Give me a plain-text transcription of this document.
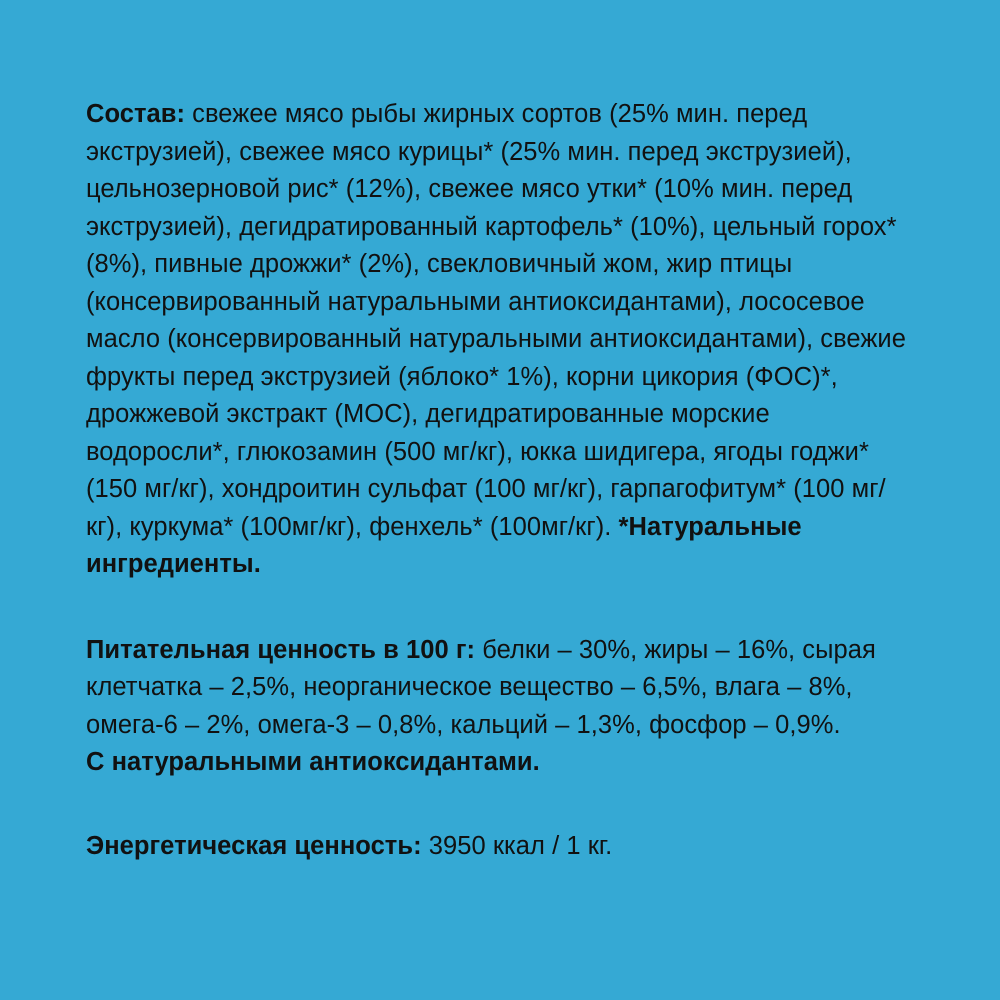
Состав: свежее мясо рыбы жирных сортов (25% мин. перед экструзией), свежее мясо курицы* (25% мин. перед экструзией), цельнозерновой рис* (12%), свежее мясо утки* (10% мин. перед экструзией), дегидратированный картофель* (10%), цельный горох* (8%), пивные дрожжи* (2%), свекловичный жом, жир птицы (консервированный натуральными антиоксидантами), лососевое масло (консервированный натуральными антиоксидантами), свежие фрукты перед экструзией (яблоко* 1%), корни цикория (ФОС)*, дрожжевой экстракт (МОС), дегидратированные морские водоросли*, глюкозамин (500 мг/кг), юкка шидигера, ягоды годжи* (150 мг/кг), хондроитин сульфат (100 мг/кг), гарпагофитум* (100 мг/кг), куркума* (100мг/кг), фенхель* (100мг/кг). *Натуральные ингредиенты.

Питательная ценность в 100 г: белки – 30%, жиры – 16%, сырая клетчатка – 2,5%, неорганическое вещество – 6,5%, влага – 8%, омега-6 – 2%, омега-3 – 0,8%, кальций – 1,3%, фосфор – 0,9%.

С натуральными антиоксидантами.

Энергетическая ценность: 3950 ккал / 1 кг.
